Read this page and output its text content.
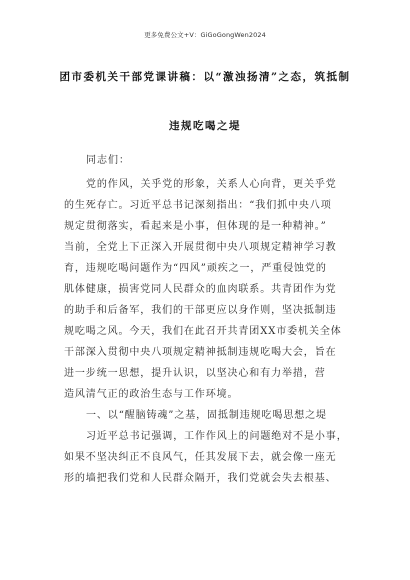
更多免费公文+V：GiGoGongWen2024
团市委机关干部党课讲稿：以“激浊扬清”之态，筑抵制
违规吃喝之堤
同志们：
党的作风，关乎党的形象，关系人心向背，更关乎党
的生死存亡。习近平总书记深刻指出：“我们抓中央八项
规定贯彻落实，看起来是小事，但体现的是一种精神。”
当前，全党上下正深入开展贯彻中央八项规定精神学习教
育，违规吃喝问题作为“四风”顽疾之一，严重侵蚀党的
肌体健康，损害党同人民群众的血肉联系。共青团作为党
的助手和后备军，我们的干部更应以身作则，坚决抵制违
规吃喝之风。今天，我们在此召开共青团XX市委机关全体
干部深入贯彻中央八项规定精神抵制违规吃喝大会，旨在
进一步统一思想，提升认识，以坚决心和有力举措，营
造风清气正的政治生态与工作环境。
一、以“醒脑铸魂”之基，固抵制违规吃喝思想之堤
习近平总书记强调，工作作风上的问题绝对不是小事，
如果不坚决纠正不良风气，任其发展下去，就会像一座无
形的墙把我们党和人民群众隔开，我们党就会失去根基、
